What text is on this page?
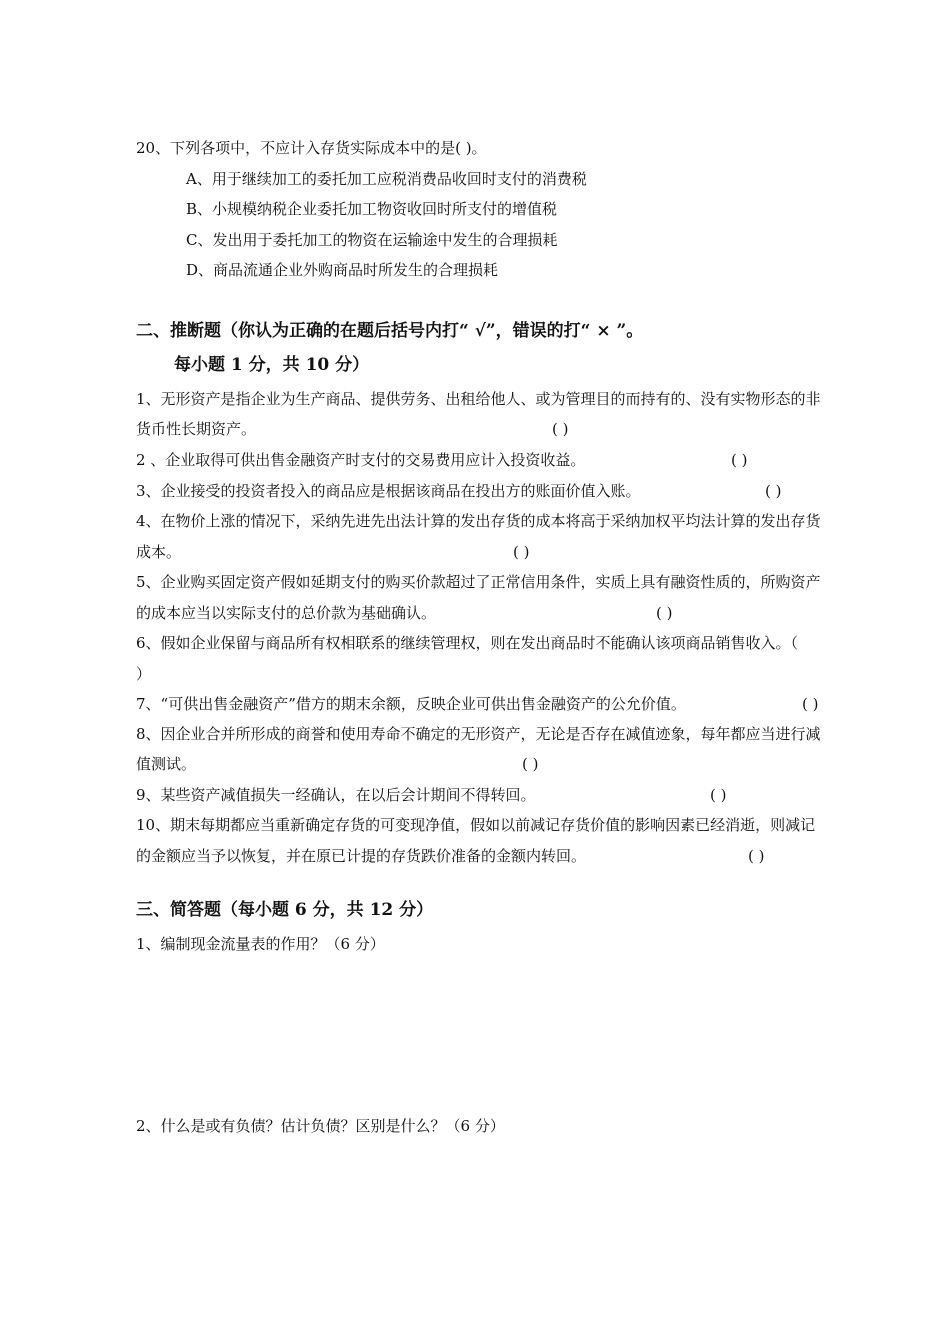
20、下列各项中，不应计入存货实际成本中的是( )。
A、用于继续加工的委托加工应税消费品收回时支付的消费税
B、小规模纳税企业委托加工物资收回时所支付的增值税
C、发出用于委托加工的物资在运输途中发生的合理损耗
D、商品流通企业外购商品时所发生的合理损耗
二、推断题（你认为正确的在题后括号内打“ √”，错误的打“ × ”。
每小题 1 分，共 10 分）
1、无形资产是指企业为生产商品、提供劳务、出租给他人、或为管理目的而持有的、没有实物形态的非
货币性长期资产。	( )
2 、企业取得可供出售金融资产时支付的交易费用应计入投资收益。	( )
3、企业接受的投资者投入的商品应是根据该商品在投出方的账面价值入账。	( )
4、在物价上涨的情况下，采纳先进先出法计算的发出存货的成本将高于采纳加权平均法计算的发出存货
成本。	( )
5、企业购买固定资产假如延期支付的购买价款超过了正常信用条件，实质上具有融资性质的，所购资产
的成本应当以实际支付的总价款为基础确认。	( )
6、假如企业保留与商品所有权相联系的继续管理权，则在发出商品时不能确认该项商品销售收入。（
）
7、“可供出售金融资产”借方的期末余额，反映企业可供出售金融资产的公允价值。	( )
8、因企业合并所形成的商誉和使用寿命不确定的无形资产，无论是否存在减值迹象，每年都应当进行减
值测试。	( )
9、某些资产减值损失一经确认，在以后会计期间不得转回。	( )
10、期末每期都应当重新确定存货的可变现净值，假如以前减记存货价值的影响因素已经消逝，则减记
的金额应当予以恢复，并在原已计提的存货跌价准备的金额内转回。	( )
三、简答题（每小题 6 分，共 12 分）
1、编制现金流量表的作用？（6 分）
2、什么是或有负债？估计负债？区别是什么？（6 分）
